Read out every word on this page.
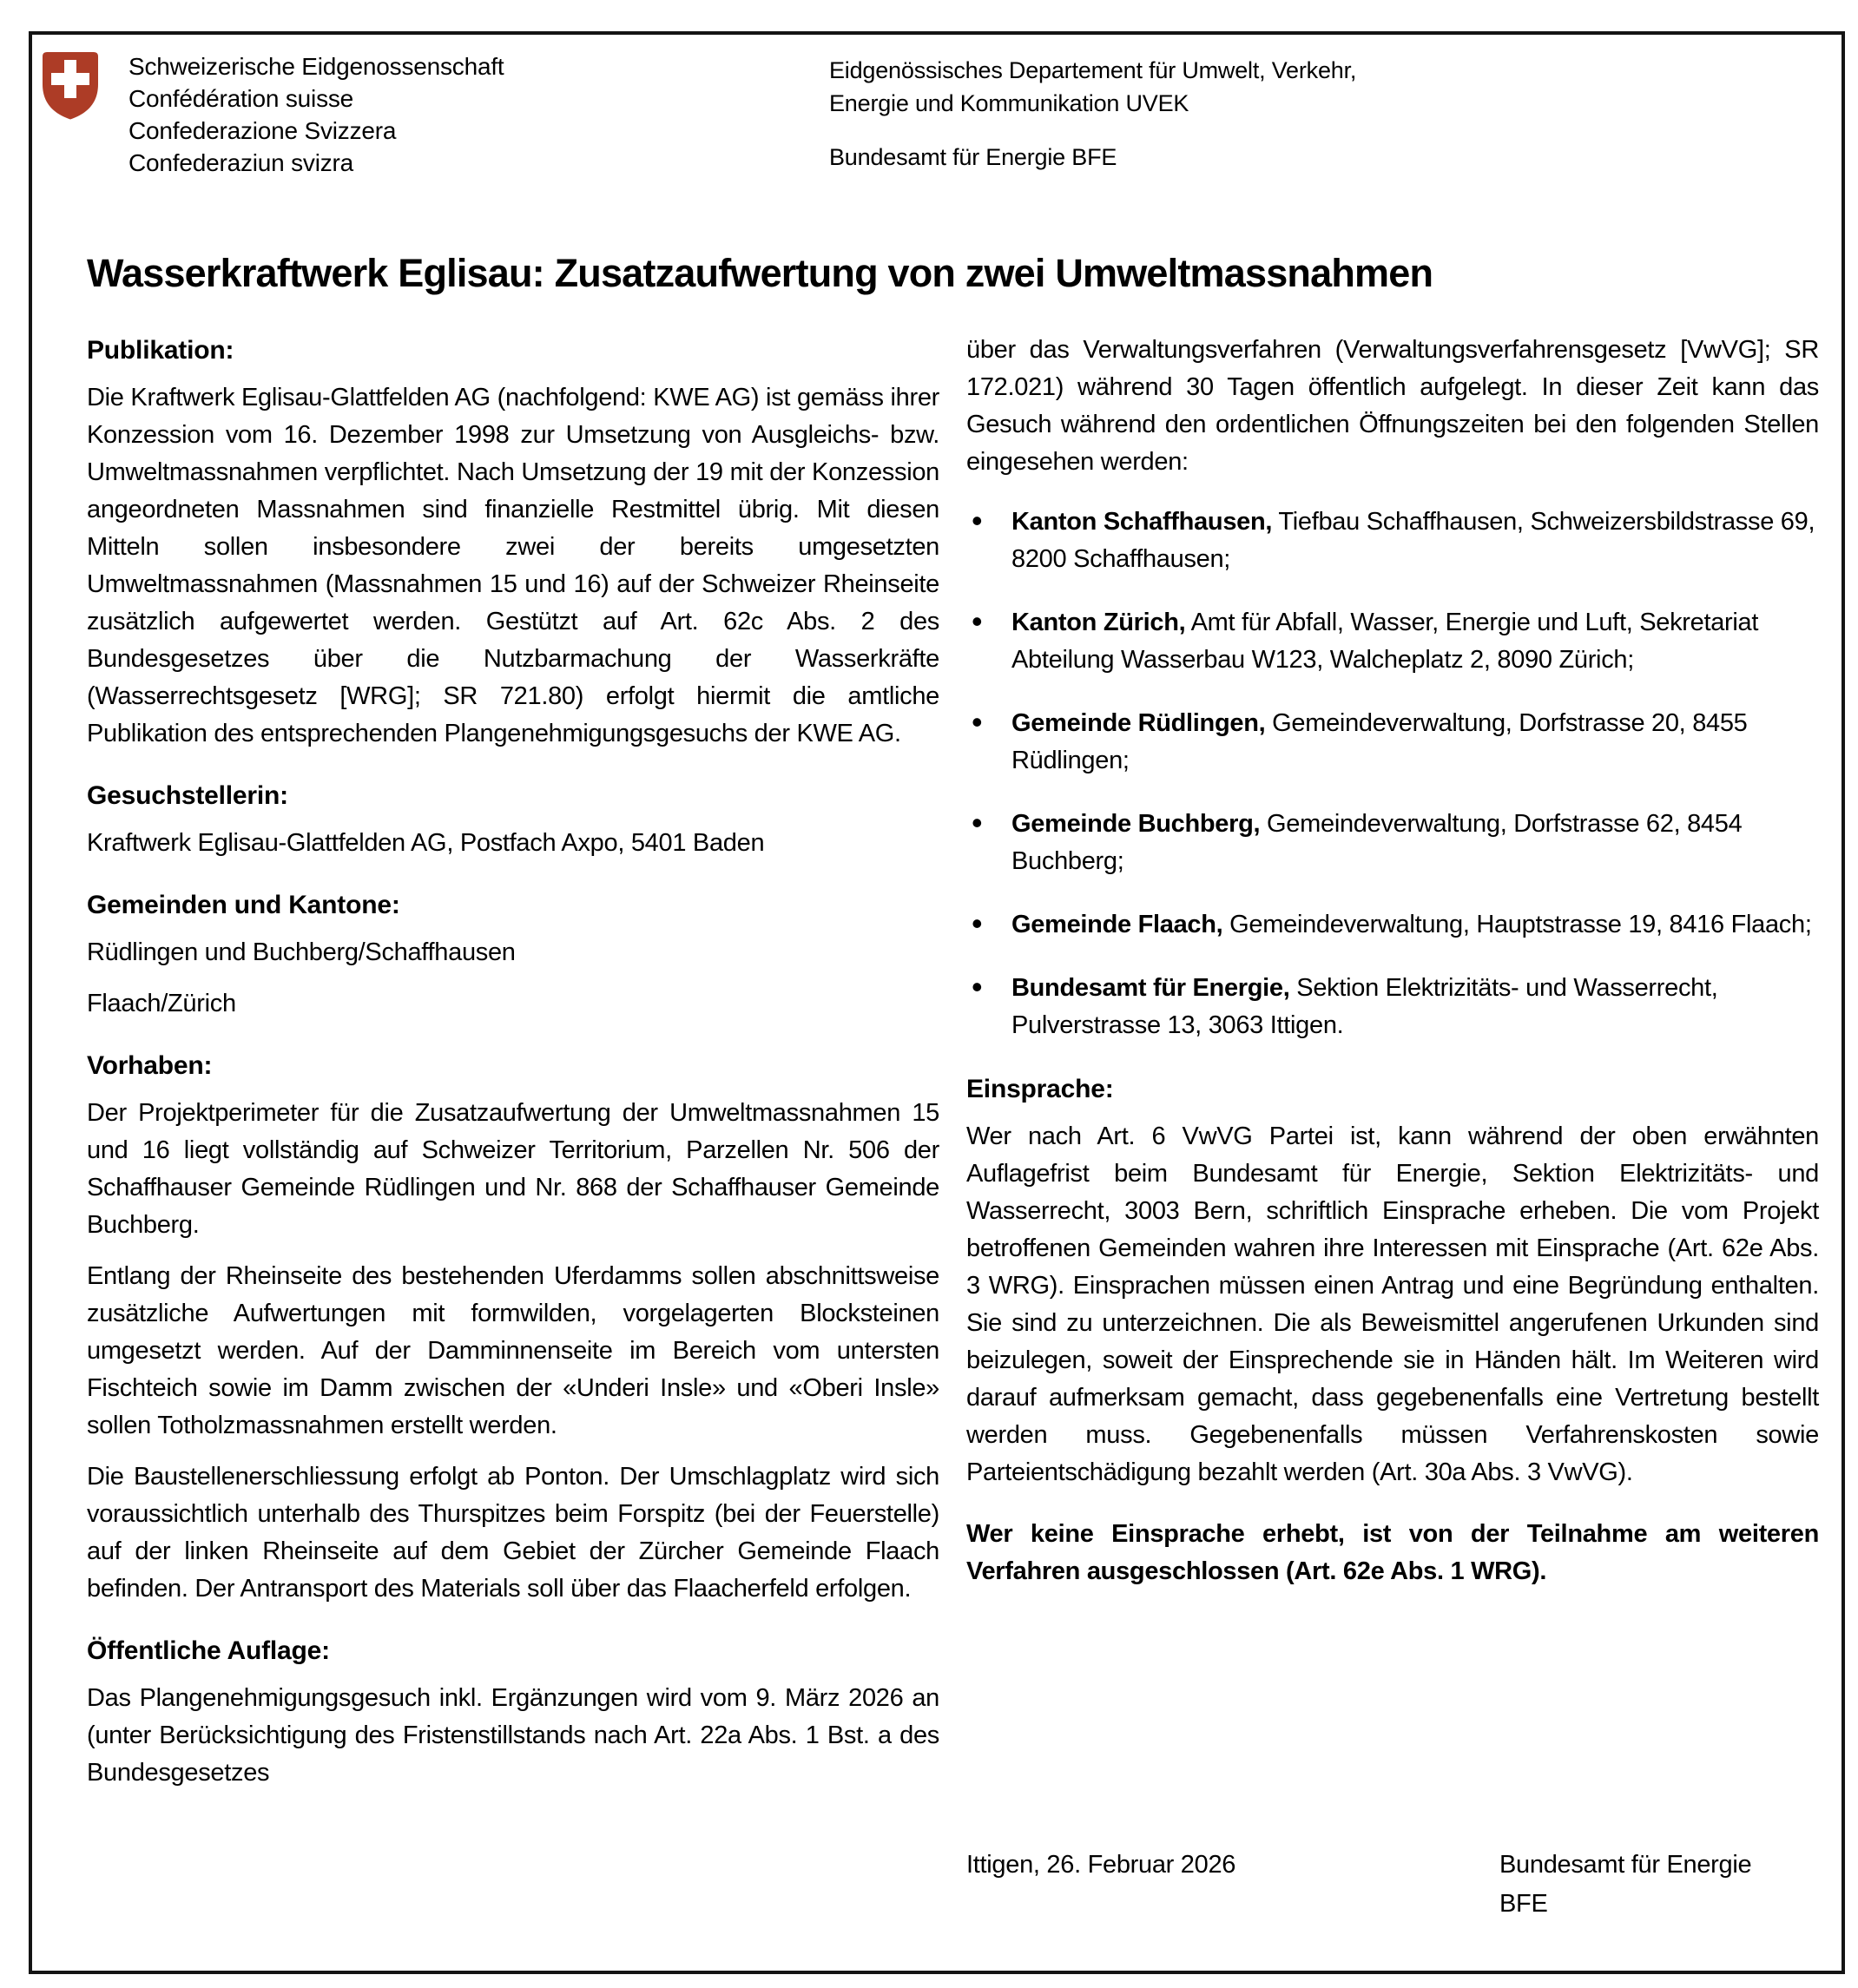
Schweizerische Eidgenossenschaft
Confédération suisse
Confederazione Svizzera
Confederaziun svizra
Eidgenössisches Departement für Umwelt, Verkehr,
Energie und Kommunikation UVEK
Bundesamt für Energie BFE
Wasserkraftwerk Eglisau: Zusatzaufwertung von zwei Umweltmassnahmen
Publikation:

Die Kraftwerk Eglisau-Glattfelden AG (nachfolgend: KWE AG) ist gemäss ihrer Konzession vom 16. Dezember 1998 zur Umsetzung von Ausgleichs- bzw. Umweltmassnahmen verpflichtet. Nach Umsetzung der 19 mit der Konzession angeordneten Massnahmen sind finanzielle Restmittel übrig. Mit diesen Mitteln sollen insbesondere zwei der bereits umgesetzten Umweltmassnahmen (Massnahmen 15 und 16) auf der Schweizer Rheinseite zusätzlich aufgewertet werden. Gestützt auf Art. 62c Abs. 2 des Bundesgesetzes über die Nutzbarmachung der Wasserkräfte (Wasserrechtsgesetz [WRG]; SR 721.80) erfolgt hiermit die amtliche Publikation des entsprechenden Plangenehmigungsgesuchs der KWE AG.

Gesuchstellerin:

Kraftwerk Eglisau-Glattfelden AG, Postfach Axpo, 5401 Baden

Gemeinden und Kantone:

Rüdlingen und Buchberg/Schaffhausen

Flaach/Zürich

Vorhaben:

Der Projektperimeter für die Zusatzaufwertung der Umweltmassnahmen 15 und 16 liegt vollständig auf Schweizer Territorium, Parzellen Nr. 506 der Schaffhauser Gemeinde Rüdlingen und Nr. 868 der Schaffhauser Gemeinde Buchberg.

Entlang der Rheinseite des bestehenden Uferdamms sollen abschnittsweise zusätzliche Aufwertungen mit formwilden, vorgelagerten Blocksteinen umgesetzt werden. Auf der Damminnenseite im Bereich vom untersten Fischteich sowie im Damm zwischen der «Underi Insle» und «Oberi Insle» sollen Totholzmassnahmen erstellt werden.

Die Baustellenerschliessung erfolgt ab Ponton. Der Umschlagplatz wird sich voraussichtlich unterhalb des Thurspitzes beim Forspitz (bei der Feuerstelle) auf der linken Rheinseite auf dem Gebiet der Zürcher Gemeinde Flaach befinden. Der Antransport des Materials soll über das Flaacherfeld erfolgen.

Öffentliche Auflage:

Das Plangenehmigungsgesuch inkl. Ergänzungen wird vom 9. März 2026 an (unter Berücksichtigung des Fristenstillstands nach Art. 22a Abs. 1 Bst. a des Bundesgesetzes

über das Verwaltungsverfahren (Verwaltungsverfahrensgesetz [VwVG]; SR 172.021) während 30 Tagen öffentlich aufgelegt. In dieser Zeit kann das Gesuch während den ordentlichen Öffnungszeiten bei den folgenden Stellen eingesehen werden:

• Kanton Schaffhausen, Tiefbau Schaffhausen, Schweizersbildstrasse 69, 8200 Schaffhausen;
• Kanton Zürich, Amt für Abfall, Wasser, Energie und Luft, Sekretariat Abteilung Wasserbau W123, Walcheplatz 2, 8090 Zürich;
• Gemeinde Rüdlingen, Gemeindeverwaltung, Dorfstrasse 20, 8455 Rüdlingen;
• Gemeinde Buchberg, Gemeindeverwaltung, Dorfstrasse 62, 8454 Buchberg;
• Gemeinde Flaach, Gemeindeverwaltung, Hauptstrasse 19, 8416 Flaach;
• Bundesamt für Energie, Sektion Elektrizitäts- und Wasserrecht, Pulverstrasse 13, 3063 Ittigen.
Einsprache:

Wer nach Art. 6 VwVG Partei ist, kann während der oben erwähnten Auflagefrist beim Bundesamt für Energie, Sektion Elektrizitäts- und Wasserrecht, 3003 Bern, schriftlich Einsprache erheben. Die vom Projekt betroffenen Gemeinden wahren ihre Interessen mit Einsprache (Art. 62e Abs. 3 WRG). Einsprachen müssen einen Antrag und eine Begründung enthalten. Sie sind zu unterzeichnen. Die als Beweismittel angerufenen Urkunden sind beizulegen, soweit der Einsprechende sie in Händen hält. Im Weiteren wird darauf aufmerksam gemacht, dass gegebenenfalls eine Vertretung bestellt werden muss. Gegebenenfalls müssen Verfahrenskosten sowie Parteientschädigung bezahlt werden (Art. 30a Abs. 3 VwVG).

Wer keine Einsprache erhebt, ist von der Teilnahme am weiteren Verfahren ausgeschlossen (Art. 62e Abs. 1 WRG).

Ittigen, 26. Februar 2026	Bundesamt für Energie
BFE
